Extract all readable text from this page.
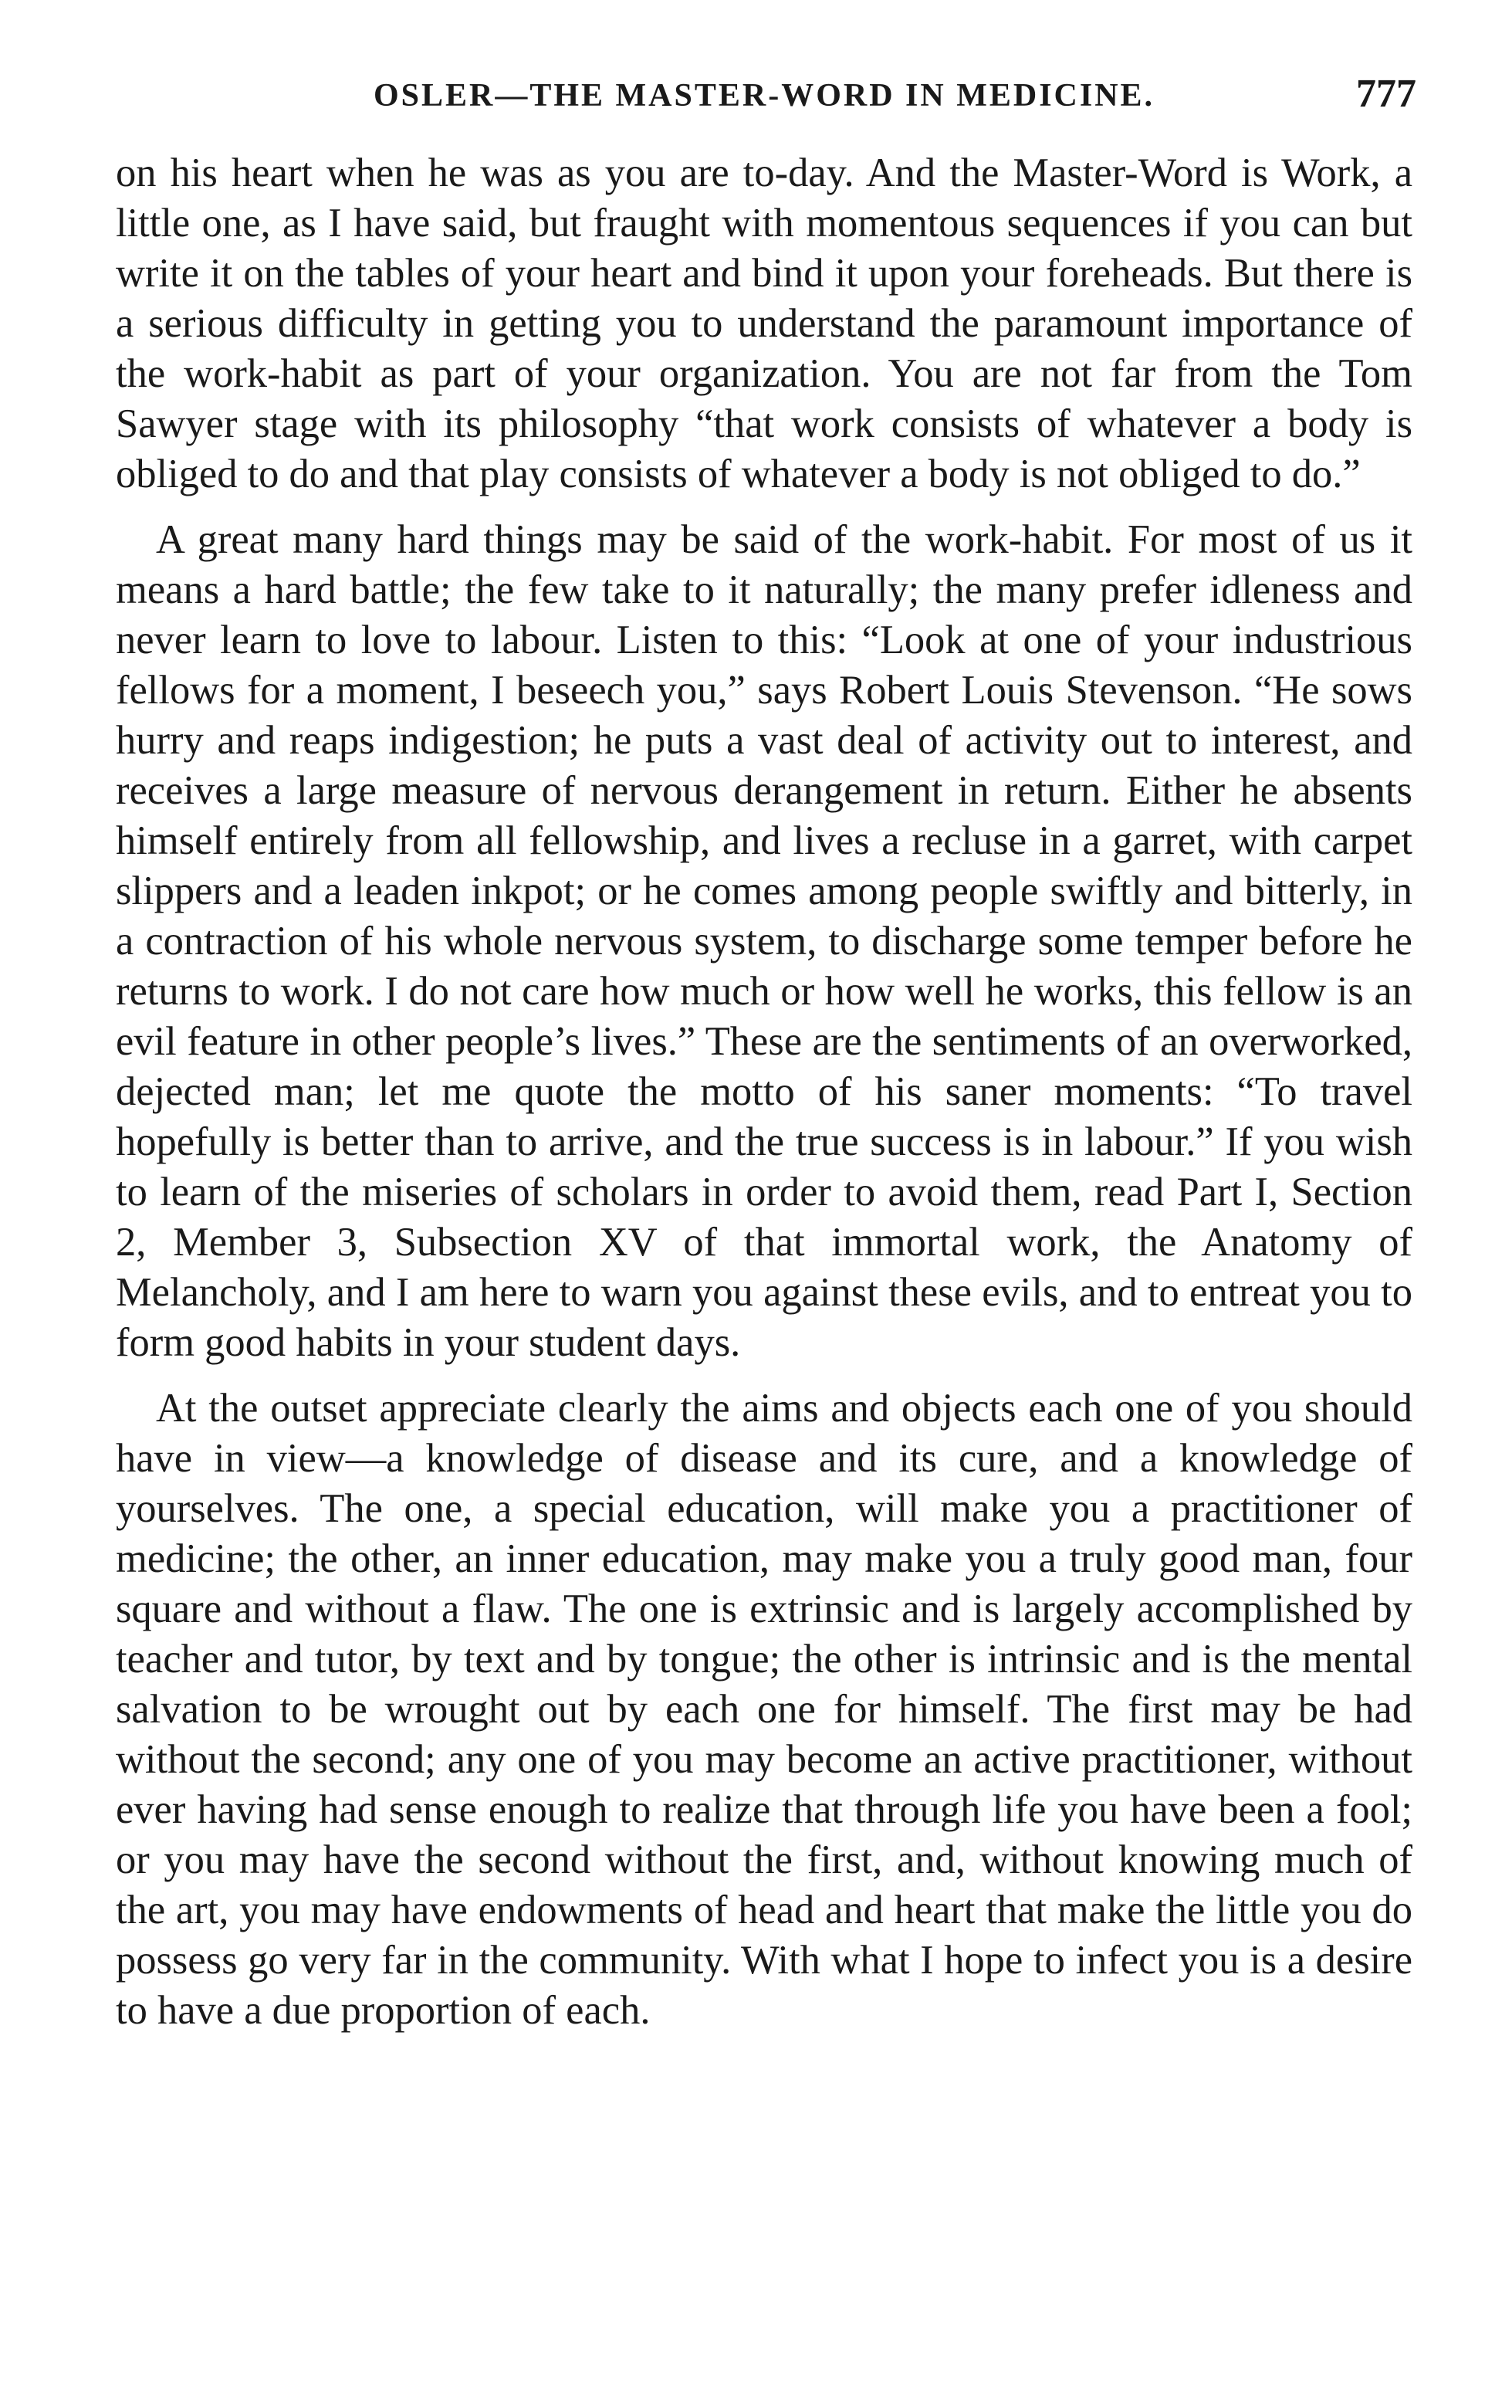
OSLER—THE MASTER-WORD IN MEDICINE.	777

on his heart when he was as you are to-day. And the Master-Word is Work, a little one, as I have said, but fraught with momentous sequences if you can but write it on the tables of your heart and bind it upon your foreheads. But there is a serious difficulty in getting you to understand the paramount importance of the work-habit as part of your organization. You are not far from the Tom Sawyer stage with its philosophy “that work consists of whatever a body is obliged to do and that play consists of whatever a body is not obliged to do.”

A great many hard things may be said of the work-habit. For most of us it means a hard battle; the few take to it naturally; the many prefer idleness and never learn to love to labour. Listen to this: “Look at one of your industrious fellows for a moment, I beseech you,” says Robert Louis Stevenson. “He sows hurry and reaps indigestion; he puts a vast deal of activity out to interest, and receives a large measure of nervous derangement in return. Either he absents himself entirely from all fellowship, and lives a recluse in a garret, with carpet slippers and a leaden inkpot; or he comes among people swiftly and bitterly, in a contraction of his whole nervous system, to discharge some temper before he returns to work. I do not care how much or how well he works, this fellow is an evil feature in other people’s lives.” These are the sentiments of an overworked, dejected man; let me quote the motto of his saner moments: “To travel hopefully is better than to arrive, and the true success is in labour.” If you wish to learn of the miseries of scholars in order to avoid them, read Part I, Section 2, Member 3, Subsection XV of that immortal work, the Anatomy of Melancholy, and I am here to warn you against these evils, and to entreat you to form good habits in your student days.

At the outset appreciate clearly the aims and objects each one of you should have in view—a knowledge of disease and its cure, and a knowledge of yourselves. The one, a special education, will make you a practitioner of medicine; the other, an inner education, may make you a truly good man, four square and without a flaw. The one is extrinsic and is largely accomplished by teacher and tutor, by text and by tongue; the other is intrinsic and is the mental salvation to be wrought out by each one for himself. The first may be had without the second; any one of you may become an active practitioner, without ever having had sense enough to realize that through life you have been a fool; or you may have the second without the first, and, without knowing much of the art, you may have endowments of head and heart that make the little you do possess go very far in the community. With what I hope to infect you is a desire to have a due proportion of each.
